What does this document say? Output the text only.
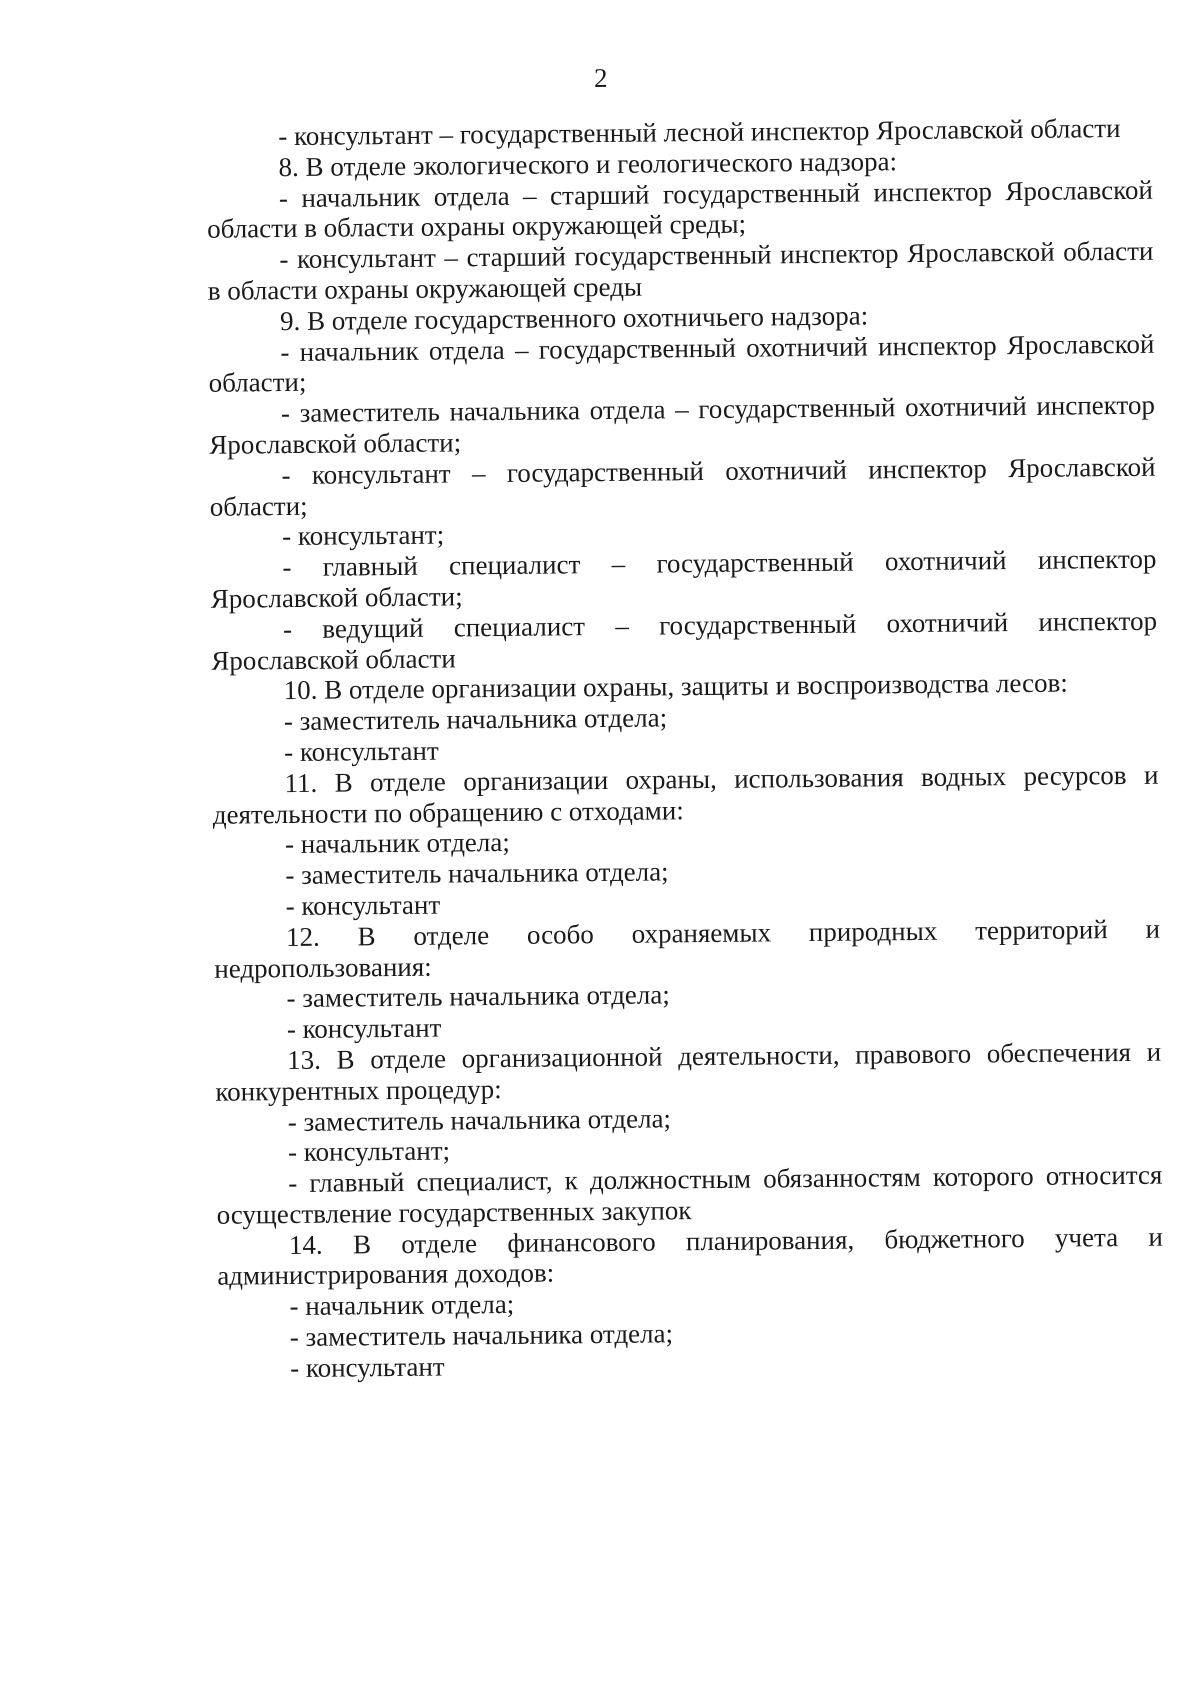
2

- консультант – государственный лесной инспектор Ярославской области

8. В отделе экологического и геологического надзора:

- начальник отдела – старший государственный инспектор Ярославской области в области охраны окружающей среды;

- консультант – старший государственный инспектор Ярославской области в области охраны окружающей среды

9. В отделе государственного охотничьего надзора:

- начальник отдела – государственный охотничий инспектор Ярославской области;

- заместитель начальника отдела – государственный охотничий инспектор Ярославской области;

- консультант – государственный охотничий инспектор Ярославской области;

- консультант;

- главный специалист – государственный охотничий инспектор Ярославской области;

- ведущий специалист – государственный охотничий инспектор Ярославской области

10. В отделе организации охраны, защиты и воспроизводства лесов:

- заместитель начальника отдела;

- консультант

11. В отделе организации охраны, использования водных ресурсов и деятельности по обращению с отходами:

- начальник отдела;

- заместитель начальника отдела;

- консультант

12. В отделе особо охраняемых природных территорий и недропользования:

- заместитель начальника отдела;

- консультант

13. В отделе организационной деятельности, правового обеспечения и конкурентных процедур:

- заместитель начальника отдела;

- консультант;

- главный специалист, к должностным обязанностям которого относится осуществление государственных закупок

14. В отделе финансового планирования, бюджетного учета и администрирования доходов:

- начальник отдела;

- заместитель начальника отдела;

- консультант
